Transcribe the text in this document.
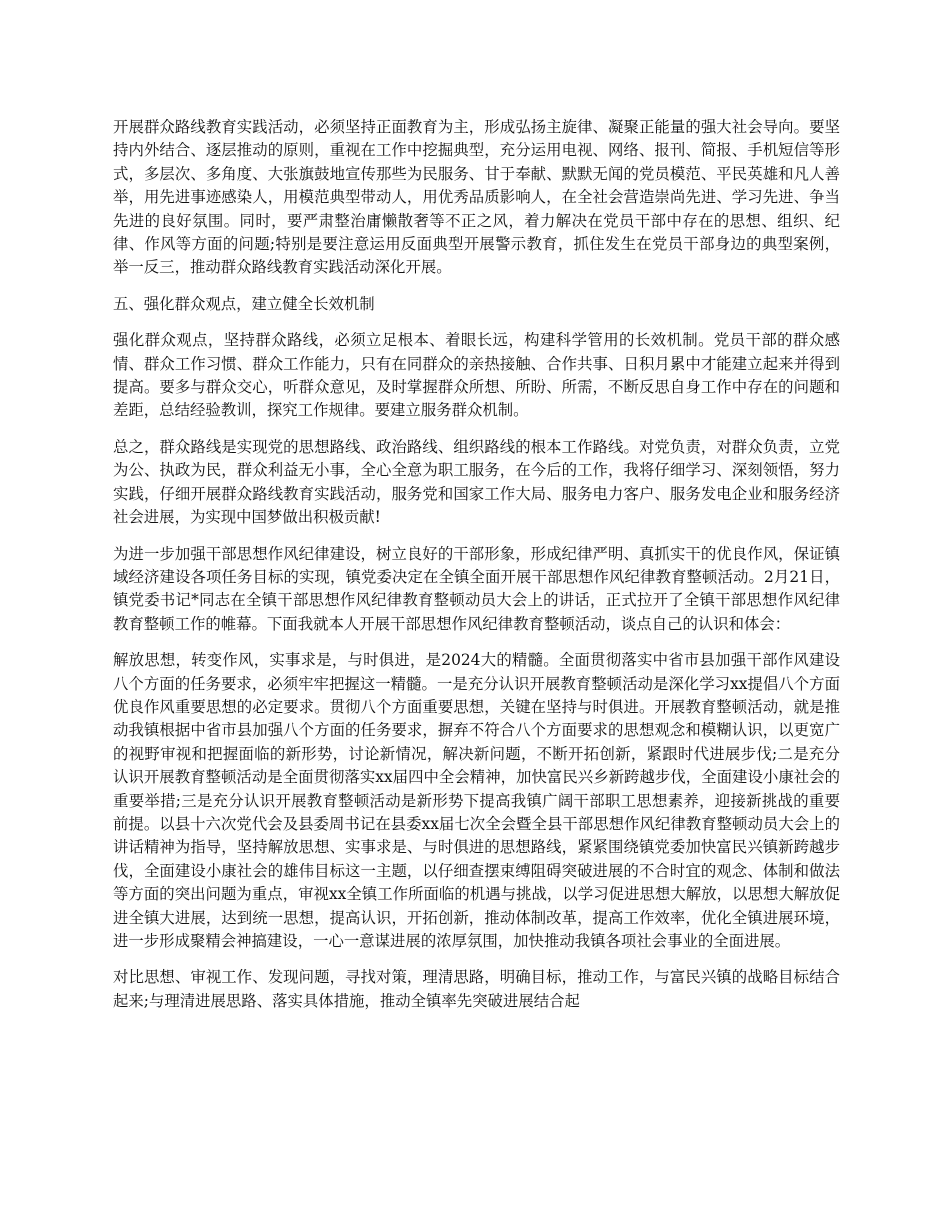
开展群众路线教育实践活动，必须坚持正面教育为主，形成弘扬主旋律、凝聚正能量的强大社会导向。要坚持内外结合、逐层推动的原则，重视在工作中挖掘典型，充分运用电视、网络、报刊、简报、手机短信等形式，多层次、多角度、大张旗鼓地宣传那些为民服务、甘于奉献、默默无闻的党员模范、平民英雄和凡人善举，用先进事迹感染人，用模范典型带动人，用优秀品质影响人，在全社会营造崇尚先进、学习先进、争当先进的良好氛围。同时，要严肃整治庸懒散奢等不正之风，着力解决在党员干部中存在的思想、组织、纪律、作风等方面的问题;特别是要注意运用反面典型开展警示教育，抓住发生在党员干部身边的典型案例，举一反三，推动群众路线教育实践活动深化开展。

五、强化群众观点，建立健全长效机制

强化群众观点，坚持群众路线，必须立足根本、着眼长远，构建科学管用的长效机制。党员干部的群众感情、群众工作习惯、群众工作能力，只有在同群众的亲热接触、合作共事、日积月累中才能建立起来并得到提高。要多与群众交心，听群众意见，及时掌握群众所想、所盼、所需，不断反思自身工作中存在的问题和差距，总结经验教训，探究工作规律。要建立服务群众机制。

总之，群众路线是实现党的思想路线、政治路线、组织路线的根本工作路线。对党负责，对群众负责，立党为公、执政为民，群众利益无小事，全心全意为职工服务，在今后的工作，我将仔细学习、深刻领悟，努力实践，仔细开展群众路线教育实践活动，服务党和国家工作大局、服务电力客户、服务发电企业和服务经济社会进展，为实现中国梦做出积极贡献!

为进一步加强干部思想作风纪律建设，树立良好的干部形象，形成纪律严明、真抓实干的优良作风，保证镇域经济建设各项任务目标的实现，镇党委决定在全镇全面开展干部思想作风纪律教育整顿活动。2月21日，镇党委书记*同志在全镇干部思想作风纪律教育整顿动员大会上的讲话，正式拉开了全镇干部思想作风纪律教育整顿工作的帷幕。下面我就本人开展干部思想作风纪律教育整顿活动，谈点自己的认识和体会：

解放思想，转变作风，实事求是，与时俱进，是2024大的精髓。全面贯彻落实中省市县加强干部作风建设八个方面的任务要求，必须牢牢把握这一精髓。一是充分认识开展教育整顿活动是深化学习xx提倡八个方面优良作风重要思想的必定要求。贯彻八个方面重要思想，关键在坚持与时俱进。开展教育整顿活动，就是推动我镇根据中省市县加强八个方面的任务要求，摒弃不符合八个方面要求的思想观念和模糊认识，以更宽广的视野审视和把握面临的新形势，讨论新情况，解决新问题，不断开拓创新，紧跟时代进展步伐;二是充分认识开展教育整顿活动是全面贯彻落实xx届四中全会精神，加快富民兴乡新跨越步伐，全面建设小康社会的重要举措;三是充分认识开展教育整顿活动是新形势下提高我镇广阔干部职工思想素养，迎接新挑战的重要前提。以县十六次党代会及县委周书记在县委xx届七次全会暨全县干部思想作风纪律教育整顿动员大会上的讲话精神为指导，坚持解放思想、实事求是、与时俱进的思想路线，紧紧围绕镇党委加快富民兴镇新跨越步伐，全面建设小康社会的雄伟目标这一主题，以仔细查摆束缚阻碍突破进展的不合时宜的观念、体制和做法等方面的突出问题为重点，审视xx全镇工作所面临的机遇与挑战，以学习促进思想大解放，以思想大解放促进全镇大进展，达到统一思想，提高认识，开拓创新，推动体制改革，提高工作效率，优化全镇进展环境，进一步形成聚精会神搞建设，一心一意谋进展的浓厚氛围，加快推动我镇各项社会事业的全面进展。

对比思想、审视工作、发现问题，寻找对策，理清思路，明确目标，推动工作，与富民兴镇的战略目标结合起来;与理清进展思路、落实具体措施，推动全镇率先突破进展结合起
